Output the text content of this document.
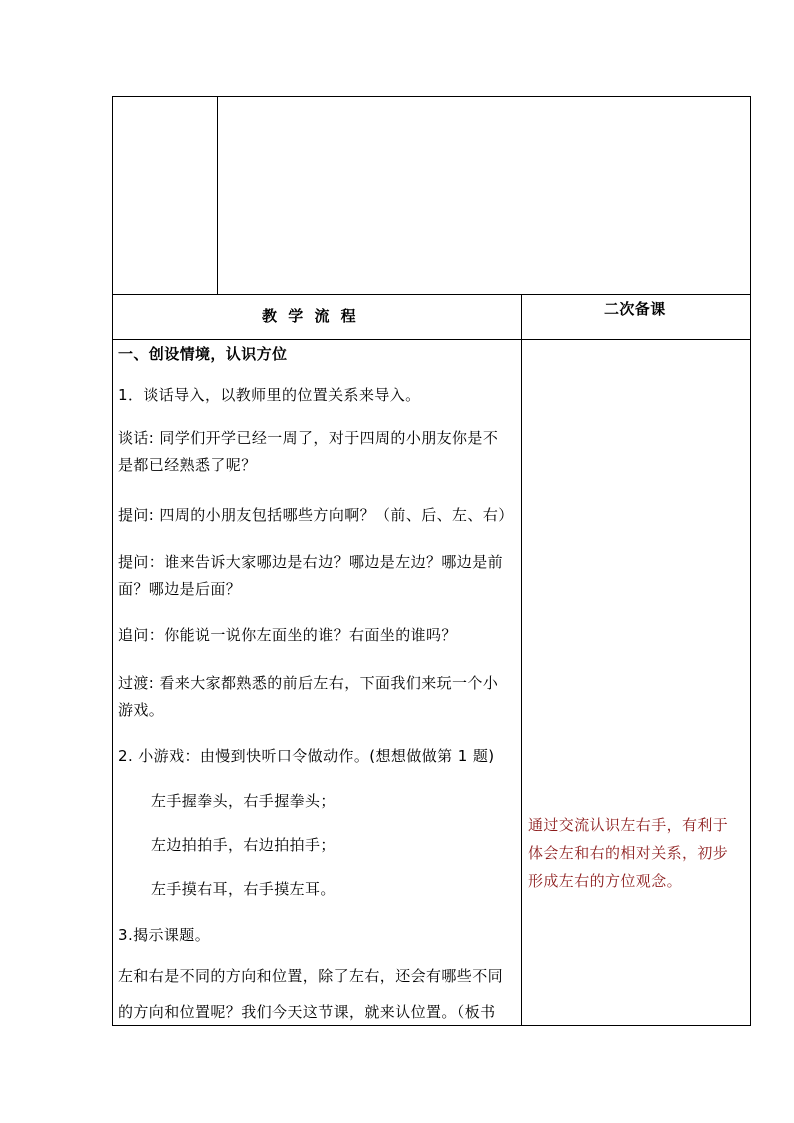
教 学 流 程	二次备课
一、创设情境，认识方位
1．谈话导入，以教师里的位置关系来导入。
谈话: 同学们开学已经一周了，对于四周的小朋友你是不
是都已经熟悉了呢？
提问: 四周的小朋友包括哪些方向啊？（前、后、左、右）
提问：谁来告诉大家哪边是右边？哪边是左边？哪边是前
面？哪边是后面？
追问：你能说一说你左面坐的谁？右面坐的谁吗？
过渡: 看来大家都熟悉的前后左右，下面我们来玩一个小
游戏。
2. 小游戏：由慢到快听口令做动作。(想想做做第 1 题)
左手握拳头，右手握拳头；
左边拍拍手，右边拍拍手；
左手摸右耳，右手摸左耳。
3.揭示课题。
左和右是不同的方向和位置，除了左右，还会有哪些不同
的方向和位置呢？我们今天这节课，就来认位置。（板书
通过交流认识左右手，有利于
体会左和右的相对关系，初步
形成左右的方位观念。
